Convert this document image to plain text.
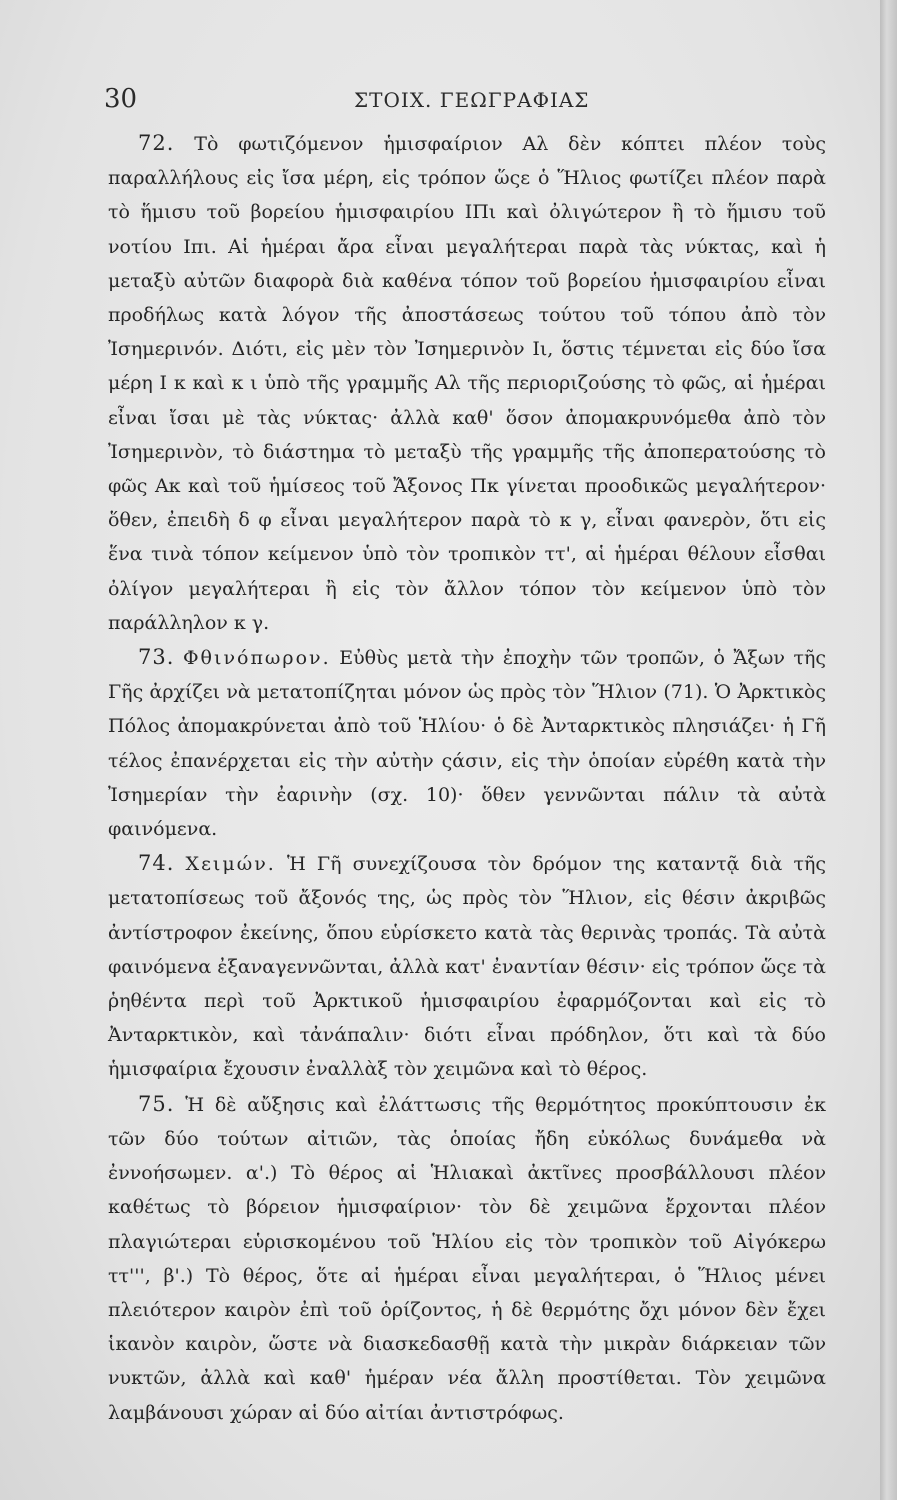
30	ΣΤΟΙΧ. ΓΕΩΓΡΑΦΙΑΣ

72. Τὸ φωτιζόμενον ἡμισφαίριον Αλ δὲν κόπτει πλέον τοὺς παραλλήλους εἰς ἴσα μέρη, εἰς τρόπον ὥςε ὁ Ἥλιος φωτίζει πλέον παρὰ τὸ ἥμισυ τοῦ βορείου ἡμισφαιρίου ΙΠι καὶ ὀλιγώτερον ἢ τὸ ἥμισυ τοῦ νοτίου Ιπι. Αἱ ἡμέραι ἄρα εἶναι μεγαλήτεραι παρὰ τὰς νύκτας, καὶ ἡ μεταξὺ αὐτῶν διαφορὰ διὰ καθένα τόπον τοῦ βορείου ἡμισφαιρίου εἶναι προδήλως κατὰ λόγον τῆς ἀποστάσεως τούτου τοῦ τόπου ἀπὸ τὸν Ἰσημερινόν. Διότι, εἰς μὲν τὸν Ἰσημερινὸν Ιι, ὅστις τέμνεται εἰς δύο ἴσα μέρη Ι κ καὶ κ ι ὑπὸ τῆς γραμμῆς Αλ τῆς περιοριζούσης τὸ φῶς, αἱ ἡμέραι εἶναι ἴσαι μὲ τὰς νύκτας· ἀλλὰ καθ' ὅσον ἀπομακρυνόμεθα ἀπὸ τὸν Ἰσημερινὸν, τὸ διάστημα τὸ μεταξὺ τῆς γραμμῆς τῆς ἀποπερατούσης τὸ φῶς Ακ καὶ τοῦ ἡμίσεος τοῦ Ἄξονος Πκ γίνεται προοδικῶς μεγαλήτερον· ὅθεν, ἐπειδὴ δ φ εἶναι μεγαλήτερον παρὰ τὸ κ γ, εἶναι φανερὸν, ὅτι εἰς ἕνα τινὰ τόπον κείμενον ὑπὸ τὸν τροπικὸν ττ', αἱ ἡμέραι θέλουν εἶσθαι ὀλίγον μεγαλήτεραι ἢ εἰς τὸν ἄλλον τόπον τὸν κείμενον ὑπὸ τὸν παράλληλον κ γ.

73. Φθινόπωρον. Εὐθὺς μετὰ τὴν ἐποχὴν τῶν τροπῶν, ὁ Ἄξων τῆς Γῆς ἀρχίζει νὰ μετατοπίζηται μόνον ὡς πρὸς τὸν Ἥλιον (71). Ὁ Ἀρκτικὸς Πόλος ἀπομακρύνεται ἀπὸ τοῦ Ἡλίου· ὁ δὲ Ἀνταρκτικὸς πλησιάζει· ἡ Γῆ τέλος ἐπανέρχεται εἰς τὴν αὐτὴν ςάσιν, εἰς τὴν ὁποίαν εὑρέθη κατὰ τὴν Ἰσημερίαν τὴν ἐαρινὴν (σχ. 10)· ὅθεν γεννῶνται πάλιν τὰ αὐτὰ φαινόμενα.

74. Χειμών. Ἡ Γῆ συνεχίζουσα τὸν δρόμον της καταντᾷ διὰ τῆς μετατοπίσεως τοῦ ἄξονός της, ὡς πρὸς τὸν Ἥλιον, εἰς θέσιν ἀκριβῶς ἀντίστροφον ἐκείνης, ὅπου εὑρίσκετο κατὰ τὰς θερινὰς τροπάς. Τὰ αὐτὰ φαινόμενα ἐξαναγεννῶνται, ἀλλὰ κατ' ἐναντίαν θέσιν· εἰς τρόπον ὥςε τὰ ῥηθέντα περὶ τοῦ Ἀρκτικοῦ ἡμισφαιρίου ἐφαρμόζονται καὶ εἰς τὸ Ἀνταρκτικὸν, καὶ τἀνάπαλιν· διότι εἶναι πρόδηλον, ὅτι καὶ τὰ δύο ἡμισφαίρια ἔχουσιν ἐναλλὰξ τὸν χειμῶνα καὶ τὸ θέρος.

75. Ἡ δὲ αὔξησις καὶ ἐλάττωσις τῆς θερμότητος προκύπτουσιν ἐκ τῶν δύο τούτων αἰτιῶν, τὰς ὁποίας ἤδη εὐκόλως δυνάμεθα νὰ ἐννοήσωμεν. α'.) Τὸ θέρος αἱ Ἡλιακαὶ ἀκτῖνες προσβάλλουσι πλέον καθέτως τὸ βόρειον ἡμισφαίριον· τὸν δὲ χειμῶνα ἔρχονται πλέον πλαγιώτεραι εὑρισκομένου τοῦ Ἡλίου εἰς τὸν τροπικὸν τοῦ Αἰγόκερω ττ''', β'.) Τὸ θέρος, ὅτε αἱ ἡμέραι εἶναι μεγαλήτεραι, ὁ Ἥλιος μένει πλειότερον καιρὸν ἐπὶ τοῦ ὁρίζοντος, ἡ δὲ θερμότης ὄχι μόνον δὲν ἔχει ἱκανὸν καιρὸν, ὥστε νὰ διασκεδασθῇ κατὰ τὴν μικρὰν διάρκειαν τῶν νυκτῶν, ἀλλὰ καὶ καθ' ἡμέραν νέα ἄλλη προστίθεται. Τὸν χειμῶνα λαμβάνουσι χώραν αἱ δύο αἰτίαι ἀντιστρόφως.
